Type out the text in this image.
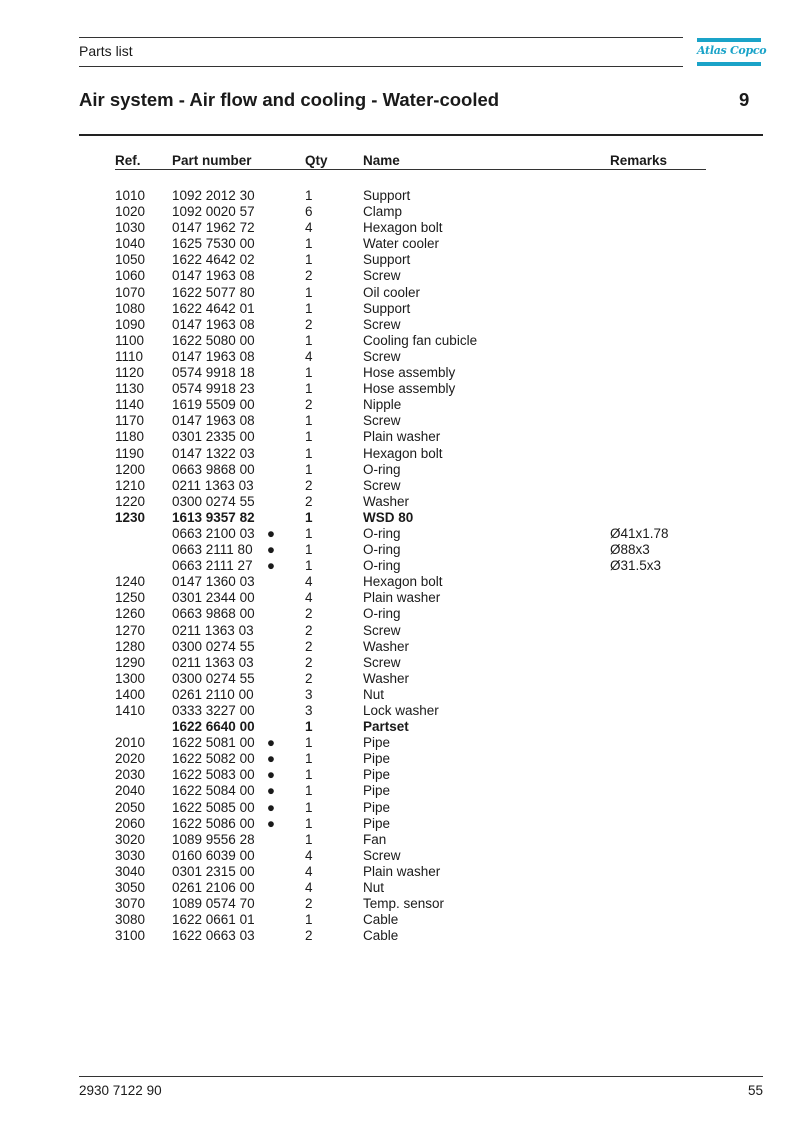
Parts list	Atlas Copco
Air system - Air flow and cooling - Water-cooled	9
Ref. Part number	Qty	Name	Remarks
1010 1092 2012 30	1	Support
1020 1092 0020 57	6	Clamp
1030 0147 1962 72	4	Hexagon bolt
1040 1625 7530 00	1	Water cooler
1050 1622 4642 02	1	Support
1060 0147 1963 08	2	Screw
1070 1622 5077 80	1	Oil cooler
1080 1622 4642 01	1	Support
1090 0147 1963 08	2	Screw
1100 1622 5080 00	1	Cooling fan cubicle
1110 0147 1963 08	4	Screw
1120 0574 9918 18	1	Hose assembly
1130 0574 9918 23	1	Hose assembly
1140 1619 5509 00	2	Nipple
1170 0147 1963 08	1	Screw
1180 0301 2335 00	1	Plain washer
1190 0147 1322 03	1	Hexagon bolt
1200 0663 9868 00	1	O-ring
1210 0211 1363 03	2	Screw
1220 0300 0274 55	2	Washer
1230 1613 9357 82	1	WSD 80
0663 2100 03 ● 1	O-ring	Ø41x1.78
0663 2111 80 ● 1	O-ring	Ø88x3
0663 2111 27 ● 1	O-ring	Ø31.5x3
1240 0147 1360 03	4	Hexagon bolt
1250 0301 2344 00	4	Plain washer
1260 0663 9868 00	2	O-ring
1270 0211 1363 03	2	Screw
1280 0300 0274 55	2	Washer
1290 0211 1363 03	2	Screw
1300 0300 0274 55	2	Washer
1400 0261 2110 00	3	Nut
1410 0333 3227 00	3	Lock washer
1622 6640 00	1	Partset
2010 1622 5081 00 ● 1	Pipe
2020 1622 5082 00 ● 1	Pipe
2030 1622 5083 00 ● 1	Pipe
2040 1622 5084 00 ● 1	Pipe
2050 1622 5085 00 ● 1	Pipe
2060 1622 5086 00 ● 1	Pipe
3020 1089 9556 28	1	Fan
3030 0160 6039 00	4	Screw
3040 0301 2315 00	4	Plain washer
3050 0261 2106 00	4	Nut
3070 1089 0574 70	2	Temp. sensor
3080 1622 0661 01	1	Cable
3100 1622 0663 03	2	Cable
2930 7122 90	55
